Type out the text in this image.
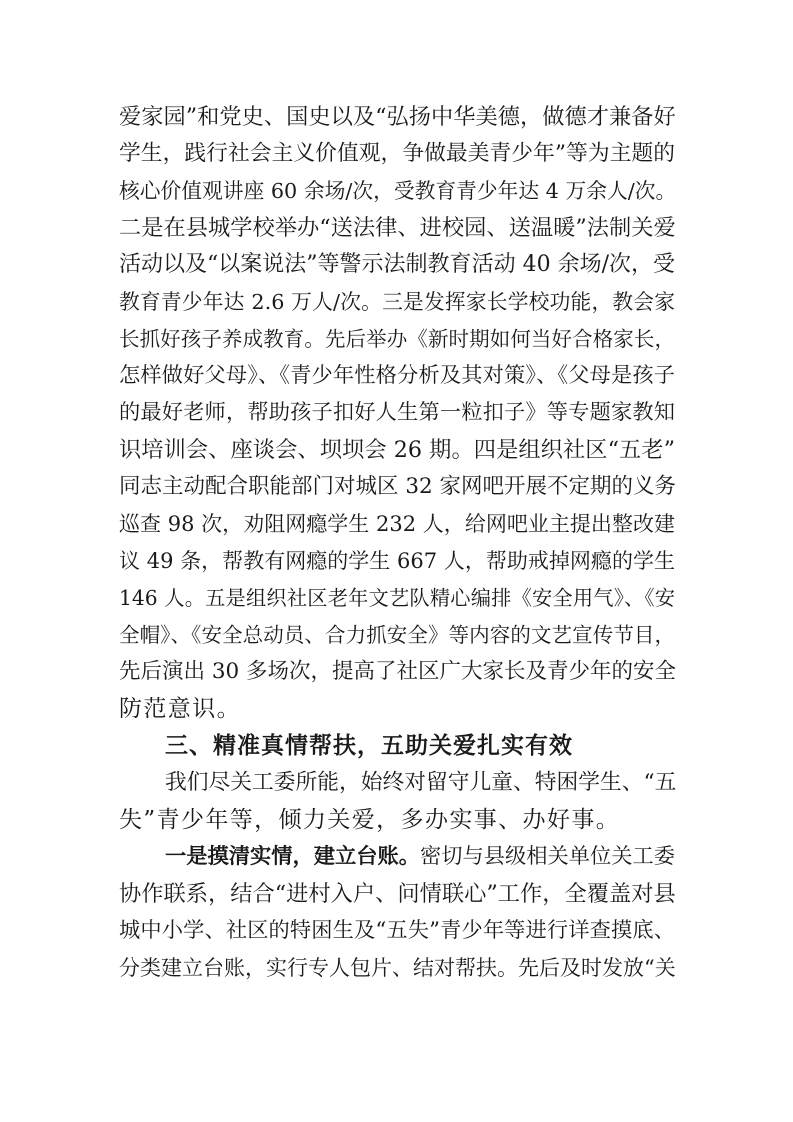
爱家园”和党史、国史以及“弘扬中华美德，做德才兼备好
学生，践行社会主义价值观，争做最美青少年”等为主题的
核心价值观讲座 60 余场/次，受教育青少年达 4 万余人/次。
二是在县城学校举办“送法律、进校园、送温暖”法制关爱
活动以及“以案说法”等警示法制教育活动 40 余场/次，受
教育青少年达 2.6 万人/次。三是发挥家长学校功能，教会家
长抓好孩子养成教育。先后举办《新时期如何当好合格家长，
怎样做好父母》、《青少年性格分析及其对策》、《父母是孩子
的最好老师，帮助孩子扣好人生第一粒扣子》等专题家教知
识培训会、座谈会、坝坝会 26 期。四是组织社区“五老”
同志主动配合职能部门对城区 32 家网吧开展不定期的义务
巡查 98 次，劝阻网瘾学生 232 人，给网吧业主提出整改建
议 49 条，帮教有网瘾的学生 667 人，帮助戒掉网瘾的学生
146 人。五是组织社区老年文艺队精心编排《安全用气》、《安
全帽》、《安全总动员、合力抓安全》等内容的文艺宣传节目，
先后演出 30 多场次，提高了社区广大家长及青少年的安全
防范意识。
三、精准真情帮扶，五助关爱扎实有效
我们尽关工委所能，始终对留守儿童、特困学生、“五
失”青少年等，倾力关爱，多办实事、办好事。
一是摸清实情，建立台账。密切与县级相关单位关工委
协作联系，结合“进村入户、问情联心”工作，全覆盖对县
城中小学、社区的特困生及“五失”青少年等进行详查摸底、
分类建立台账，实行专人包片、结对帮扶。先后及时发放“关
